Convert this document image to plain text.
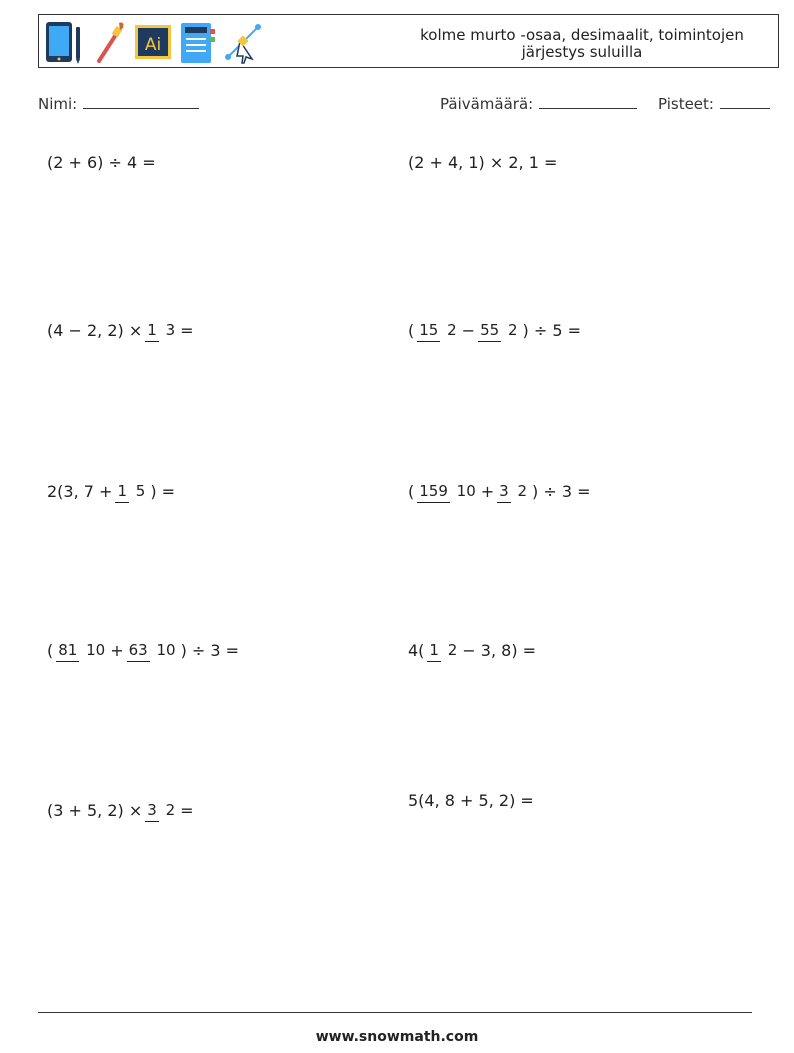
Ai	kolme murto -osaa, desimaalit, toimintojen
järjestys suluilla
Nimi:	Päivämäärä:	Pisteet:
(2 + 6) ÷ 4 =	(2 + 4, 1) × 2, 1 =
(4 − 2, 2) × 1 3 =	( 15 2 − 55 2 ) ÷ 5 =
2(3, 7 + 1 5 ) =	( 159 10 + 3 2 ) ÷ 3 =
( 81 10 + 63 10 ) ÷ 3 =	4( 1 2 − 3, 8) =
(3 + 5, 2) × 3 2 =
5(4, 8 + 5, 2) =
www.snowmath.com
